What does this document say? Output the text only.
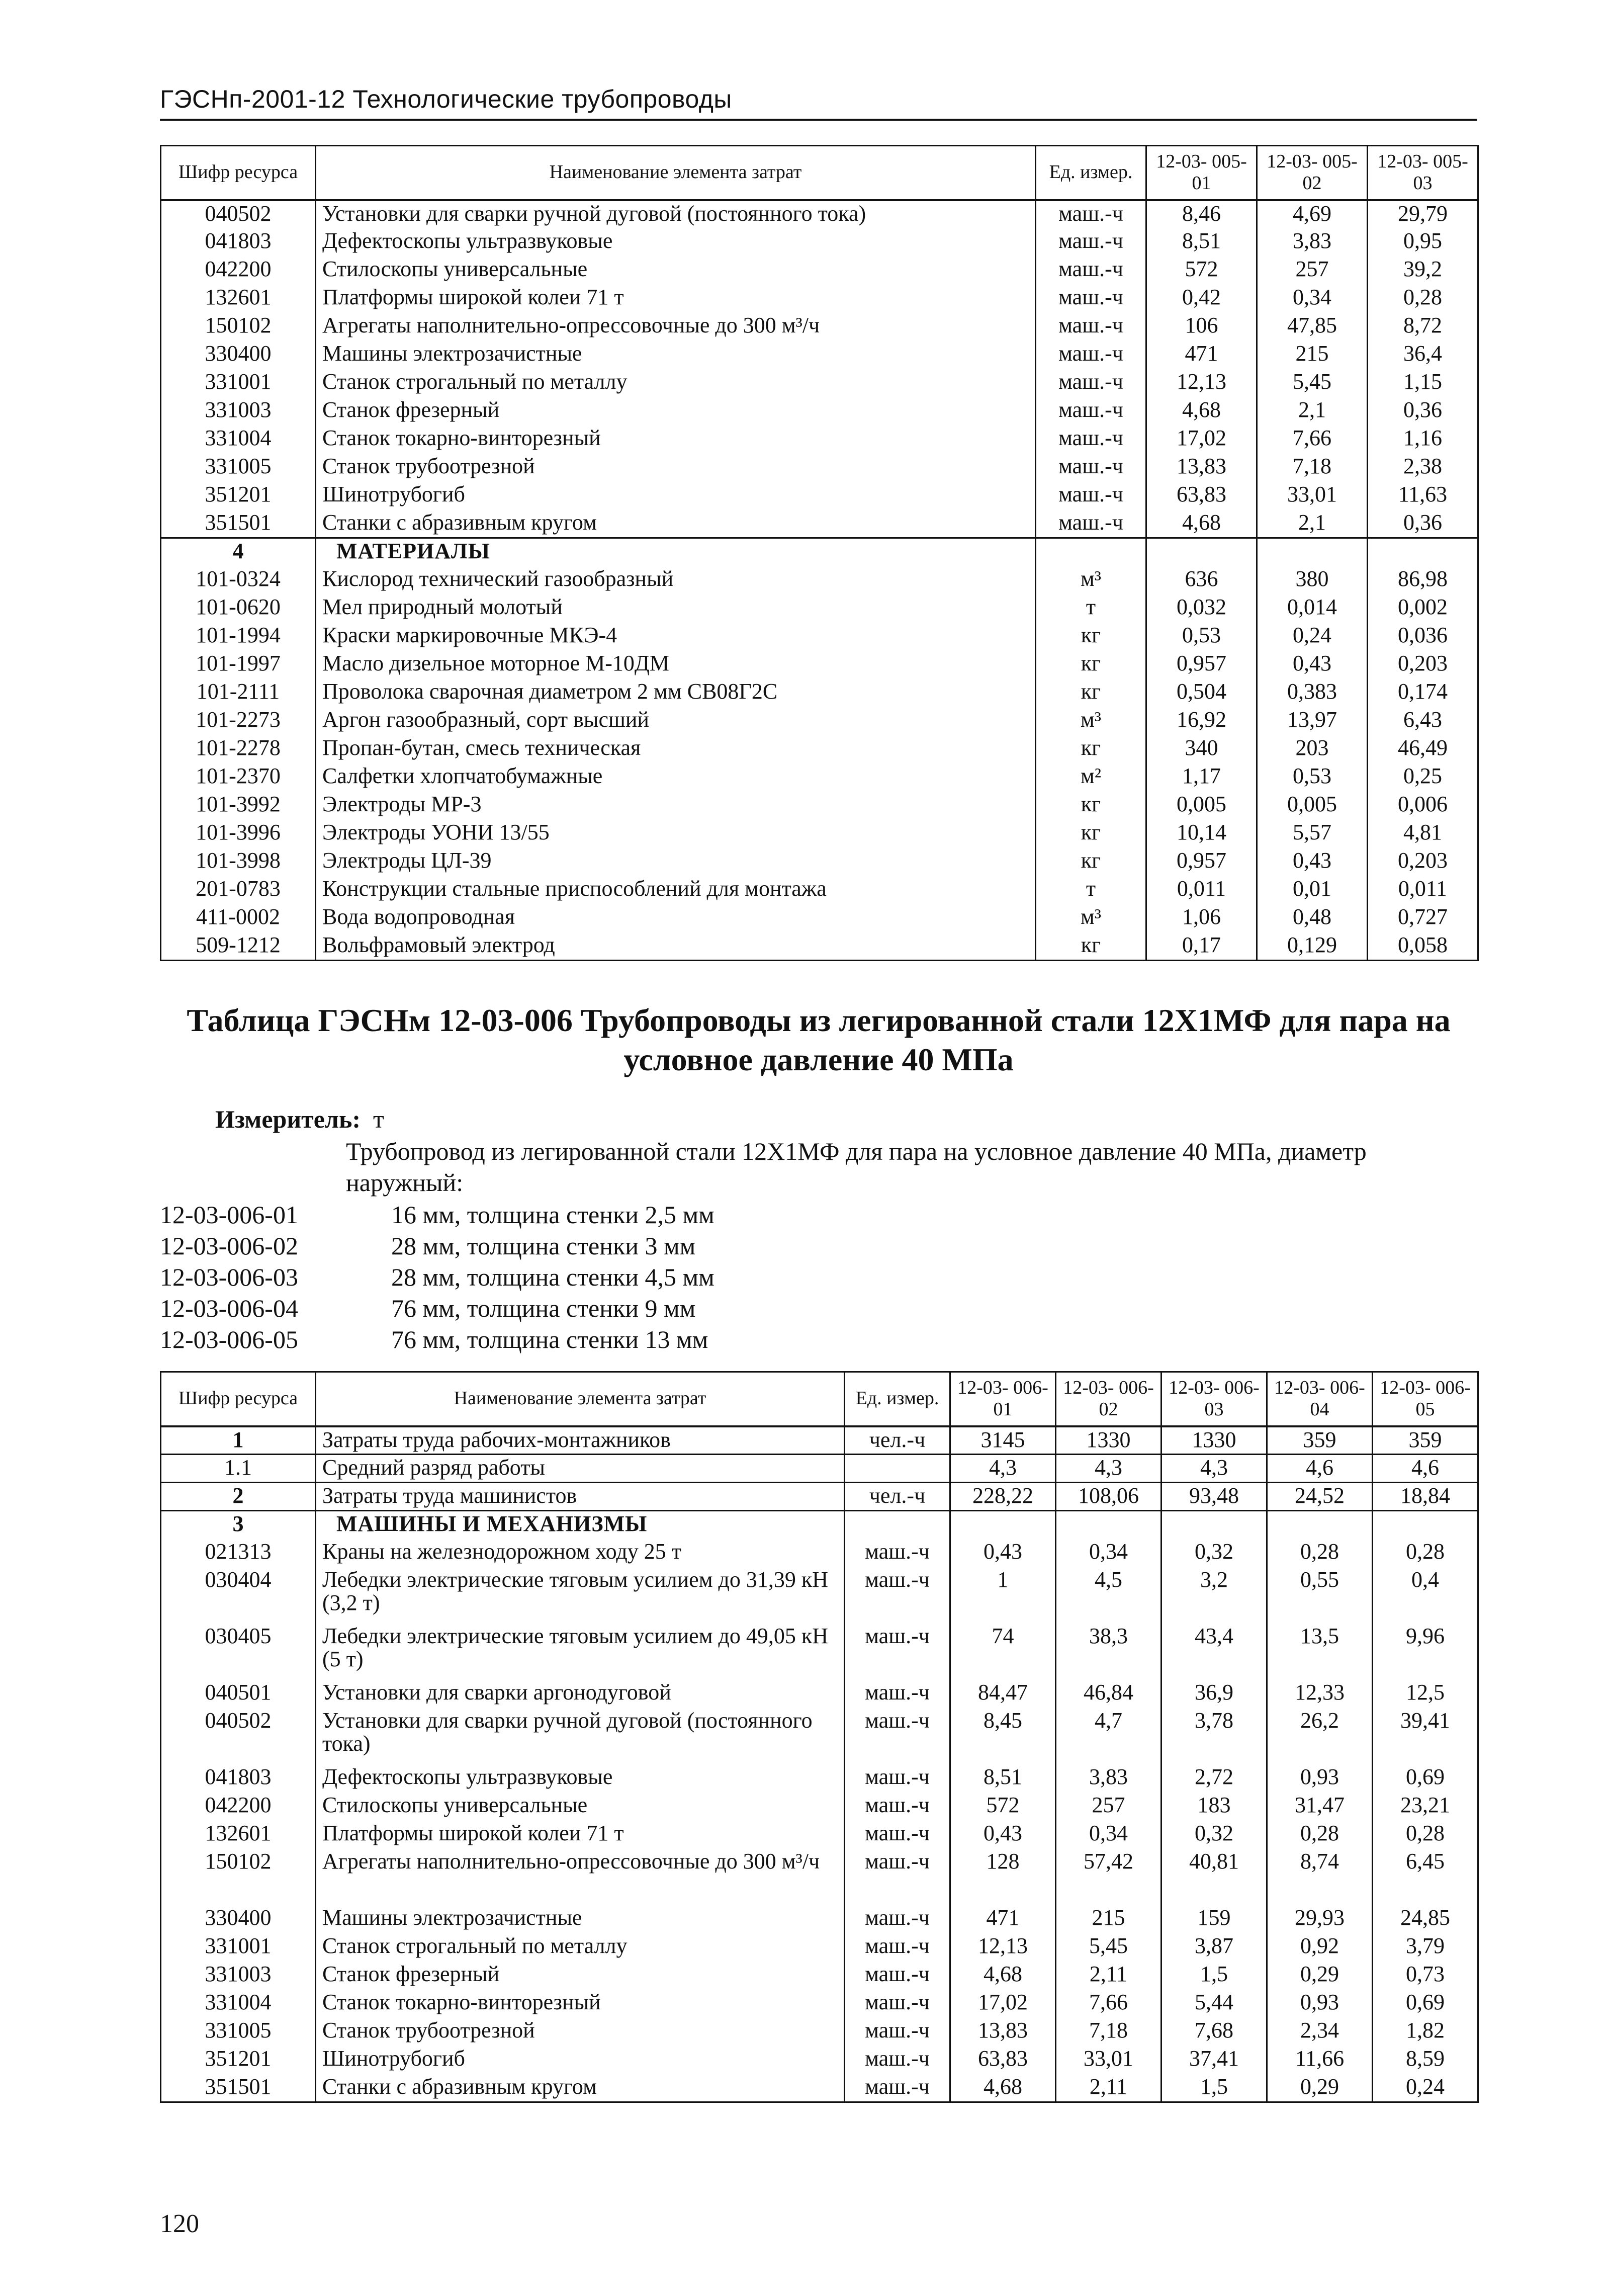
ГЭСНп-2001-12 Технологические трубопроводы
Шифр ресурса	Наименование элемента затрат	Ед. измер.	12-03- 005-01	12-03- 005-02	12-03- 005-03
040502	Установки для сварки ручной дуговой (постоянного тока)	маш.-ч	8,46	4,69	29,79
041803	Дефектоскопы ультразвуковые	маш.-ч	8,51	3,83	0,95
042200	Стилоскопы универсальные	маш.-ч	572	257	39,2
132601	Платформы широкой колеи 71 т	маш.-ч	0,42	0,34	0,28
150102	Агрегаты наполнительно-опрессовочные до 300 м³/ч	маш.-ч	106	47,85	8,72
330400	Машины электрозачистные	маш.-ч	471	215	36,4
331001	Станок строгальный по металлу	маш.-ч	12,13	5,45	1,15
331003	Станок фрезерный	маш.-ч	4,68	2,1	0,36
331004	Станок токарно-винторезный	маш.-ч	17,02	7,66	1,16
331005	Станок трубоотрезной	маш.-ч	13,83	7,18	2,38
351201	Шинотрубогиб	маш.-ч	63,83	33,01	11,63
351501	Станки с абразивным кругом	маш.-ч	4,68	2,1	0,36
4	МАТЕРИАЛЫ				
101-0324	Кислород технический газообразный	м³	636	380	86,98
101-0620	Мел природный молотый	т	0,032	0,014	0,002
101-1994	Краски маркировочные МКЭ-4	кг	0,53	0,24	0,036
101-1997	Масло дизельное моторное М-10ДМ	кг	0,957	0,43	0,203
101-2111	Проволока сварочная диаметром 2 мм СВ08Г2С	кг	0,504	0,383	0,174
101-2273	Аргон газообразный, сорт высший	м³	16,92	13,97	6,43
101-2278	Пропан-бутан, смесь техническая	кг	340	203	46,49
101-2370	Салфетки хлопчатобумажные	м²	1,17	0,53	0,25
101-3992	Электроды МР-3	кг	0,005	0,005	0,006
101-3996	Электроды УОНИ 13/55	кг	10,14	5,57	4,81
101-3998	Электроды ЦЛ-39	кг	0,957	0,43	0,203
201-0783	Конструкции стальные приспособлений для монтажа	т	0,011	0,01	0,011
411-0002	Вода водопроводная	м³	1,06	0,48	0,727
509-1212	Вольфрамовый электрод	кг	0,17	0,129	0,058
Таблица ГЭСНм 12-03-006 Трубопроводы из легированной стали 12Х1МФ для пара на условное давление 40 МПа
Измеритель: т
Трубопровод из легированной стали 12Х1МФ для пара на условное давление 40 МПа, диаметр наружный:
12-03-006-01	16 мм, толщина стенки 2,5 мм
12-03-006-02	28 мм, толщина стенки 3 мм
12-03-006-03	28 мм, толщина стенки 4,5 мм
12-03-006-04	76 мм, толщина стенки 9 мм
12-03-006-05	76 мм, толщина стенки 13 мм
Шифр ресурса	Наименование элемента затрат	Ед. измер.	12-03- 006-01	12-03- 006-02	12-03- 006-03	12-03- 006-04	12-03- 006-05
1	Затраты труда рабочих-монтажников	чел.-ч	3145	1330	1330	359	359
1.1	Средний разряд работы		4,3	4,3	4,3	4,6	4,6
2	Затраты труда машинистов	чел.-ч	228,22	108,06	93,48	24,52	18,84
3	МАШИНЫ И МЕХАНИЗМЫ						
021313	Краны на железнодорожном ходу 25 т	маш.-ч	0,43	0,34	0,32	0,28	0,28
030404	Лебедки электрические тяговым усилием до 31,39 кН (3,2 т)	маш.-ч	1	4,5	3,2	0,55	0,4
030405	Лебедки электрические тяговым усилием до 49,05 кН (5 т)	маш.-ч	74	38,3	43,4	13,5	9,96
040501	Установки для сварки аргонодуговой	маш.-ч	84,47	46,84	36,9	12,33	12,5
040502	Установки для сварки ручной дуговой (постоянного тока)	маш.-ч	8,45	4,7	3,78	26,2	39,41
041803	Дефектоскопы ультразвуковые	маш.-ч	8,51	3,83	2,72	0,93	0,69
042200	Стилоскопы универсальные	маш.-ч	572	257	183	31,47	23,21
132601	Платформы широкой колеи 71 т	маш.-ч	0,43	0,34	0,32	0,28	0,28
150102	Агрегаты наполнительно-опрессовочные до 300 м³/ч	маш.-ч	128	57,42	40,81	8,74	6,45
330400	Машины электрозачистные	маш.-ч	471	215	159	29,93	24,85
331001	Станок строгальный по металлу	маш.-ч	12,13	5,45	3,87	0,92	3,79
331003	Станок фрезерный	маш.-ч	4,68	2,11	1,5	0,29	0,73
331004	Станок токарно-винторезный	маш.-ч	17,02	7,66	5,44	0,93	0,69
331005	Станок трубоотрезной	маш.-ч	13,83	7,18	7,68	2,34	1,82
351201	Шинотрубогиб	маш.-ч	63,83	33,01	37,41	11,66	8,59
351501	Станки с абразивным кругом	маш.-ч	4,68	2,11	1,5	0,29	0,24
120
